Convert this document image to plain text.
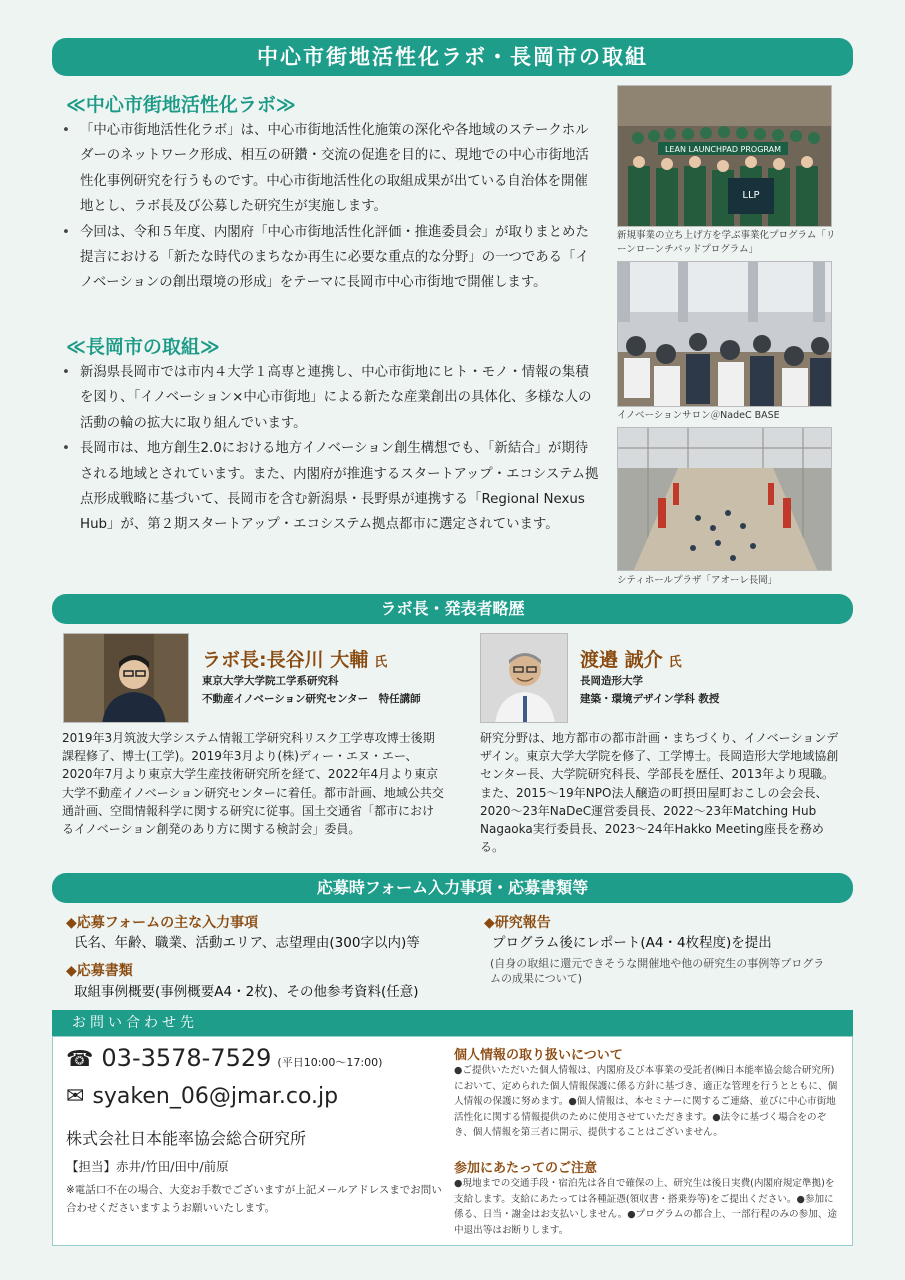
中心市街地活性化ラボ・長岡市の取組
≪中心市街地活性化ラボ≫
• 「中心市街地活性化ラボ」は、中心市街地活性化施策の深化や各地域のステークホルダーのネットワーク形成、相互の研鑽・交流の促進を目的に、現地での中心市街地活性化事例研究を行うものです。中心市街地活性化の取組成果が出ている自治体を開催地とし、ラボ長及び公募した研究生が実施します。
• 今回は、令和５年度、内閣府「中心市街地活性化評価・推進委員会」が取りまとめた提言における「新たな時代のまちなか再生に必要な重点的な分野」の一つである「イノベーションの創出環境の形成」をテーマに長岡市中心市街地で開催します。
≪長岡市の取組≫
• 新潟県長岡市では市内４大学１高専と連携し、中心市街地にヒト・モノ・情報の集積を図り、「イノベーション×中心市街地」による新たな産業創出の具体化、多様な人の活動の輪の拡大に取り組んでいます。
• 長岡市は、地方創生2.0における地方イノベーション創生構想でも、「新結合」が期待される地域とされています。また、内閣府が推進するスタートアップ・エコシステム拠点形成戦略に基づいて、長岡市を含む新潟県・長野県が連携する「Regional Nexus Hub」が、第２期スタートアップ・エコシステム拠点都市に選定されています。
LEAN LAUNCHPAD PROGRAM
LLP
新規事業の立ち上げ方を学ぶ事業化プログラム「リーンローンチパッドプログラム」
イノベーションサロン＠NadeC BASE
シティホールプラザ「アオーレ長岡」
ラボ長・発表者略歴
ラボ長:長谷川 大輔 氏
東京大学大学院工学系研究科
不動産イノベーション研究センター　特任講師
2019年3月筑波大学システム情報工学研究科リスク工学専攻博士後期課程修了、博士(工学)。2019年3月より(株)ディー・エヌ・エー、2020年7月より東京大学生産技術研究所を経て、2022年4月より東京大学不動産イノベーション研究センターに着任。都市計画、地域公共交通計画、空間情報科学に関する研究に従事。国土交通省「都市におけるイノベーション創発のあり方に関する検討会」委員。
渡邉 誠介 氏
長岡造形大学
建築・環境デザイン学科 教授
研究分野は、地方都市の都市計画・まちづくり、イノベーションデザイン。東京大学大学院を修了、工学博士。長岡造形大学地域協創センター長、大学院研究科長、学部長を歴任、2013年より現職。また、2015～19年NPO法人醸造の町摂田屋町おこしの会会長、2020～23年NaDeC運営委員長、2022～23年Matching Hub Nagaoka実行委員長、2023～24年Hakko Meeting座長を務める。
応募時フォーム入力事項・応募書類等
◆応募フォームの主な入力事項
氏名、年齢、職業、活動エリア、志望理由(300字以内)等
◆応募書類
取組事例概要(事例概要A4・2枚)、その他参考資料(任意)
◆研究報告
プログラム後にレポート(A4・4枚程度)を提出
(自身の取組に還元できそうな開催地や他の研究生の事例等プログラムの成果について)
お問い合わせ先
☎ 03-3578-7529 (平日10:00～17:00)
✉ syaken_06@jmar.co.jp
株式会社日本能率協会総合研究所
【担当】赤井/竹田/田中/前原
※電話口不在の場合、大変お手数でございますが上記メールアドレスまでお問い合わせくださいますようお願いいたします。
個人情報の取り扱いについて
●ご提供いただいた個人情報は、内閣府及び本事業の受託者(㈱日本能率協会総合研究所)において、定められた個人情報保護に係る方針に基づき、適正な管理を行うとともに、個人情報の保護に努めます。●個人情報は、本セミナーに関するご連絡、並びに中心市街地活性化に関する情報提供のために使用させていただきます。●法令に基づく場合をのぞき、個人情報を第三者に開示、提供することはございません。
参加にあたってのご注意
●現地までの交通手段・宿泊先は各自で確保の上、研究生は後日実費(内閣府規定準拠)を支給します。支給にあたっては各種証憑(領収書・搭乗券等)をご提出ください。●参加に係る、日当・謝金はお支払いしません。●プログラムの都合上、一部行程のみの参加、途中退出等はお断りします。
